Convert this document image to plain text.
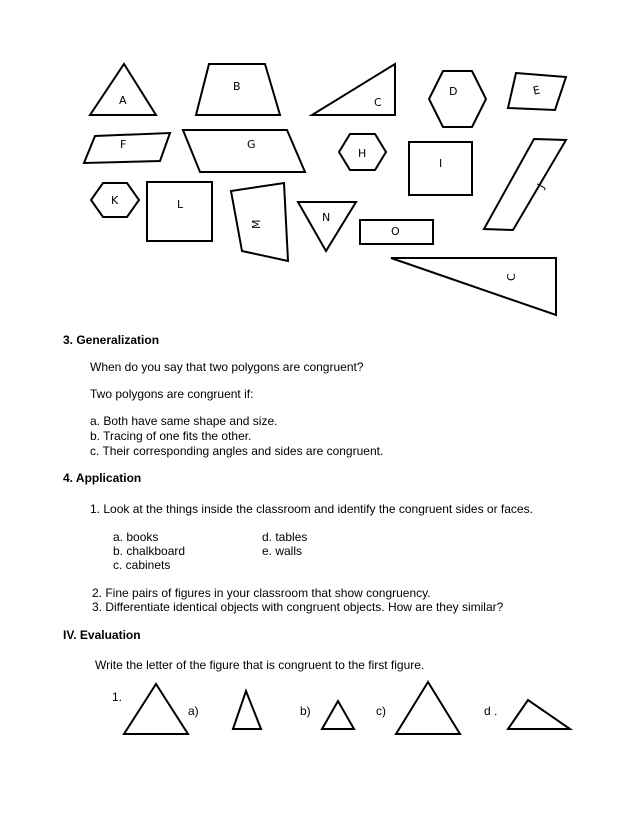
A
B
C
D	E
F	G
H
I
J
K	L
M
N
O
C
3. Generalization
When do you say that two polygons are congruent?
Two polygons are congruent if:
a. Both have same shape and size.
b. Tracing of one fits the other.
c. Their corresponding angles and sides are congruent.
4. Application
1. Look at the things inside the classroom and identify the congruent sides or faces.
a. books
b. chalkboard
c. cabinets
d. tables
e. walls
2. Fine pairs of figures in your classroom that show congruency.
3. Differentiate identical objects with congruent objects. How are they similar?
IV. Evaluation
Write the letter of the figure that is congruent to the first figure.
1.
a)	b)	c)	d .
